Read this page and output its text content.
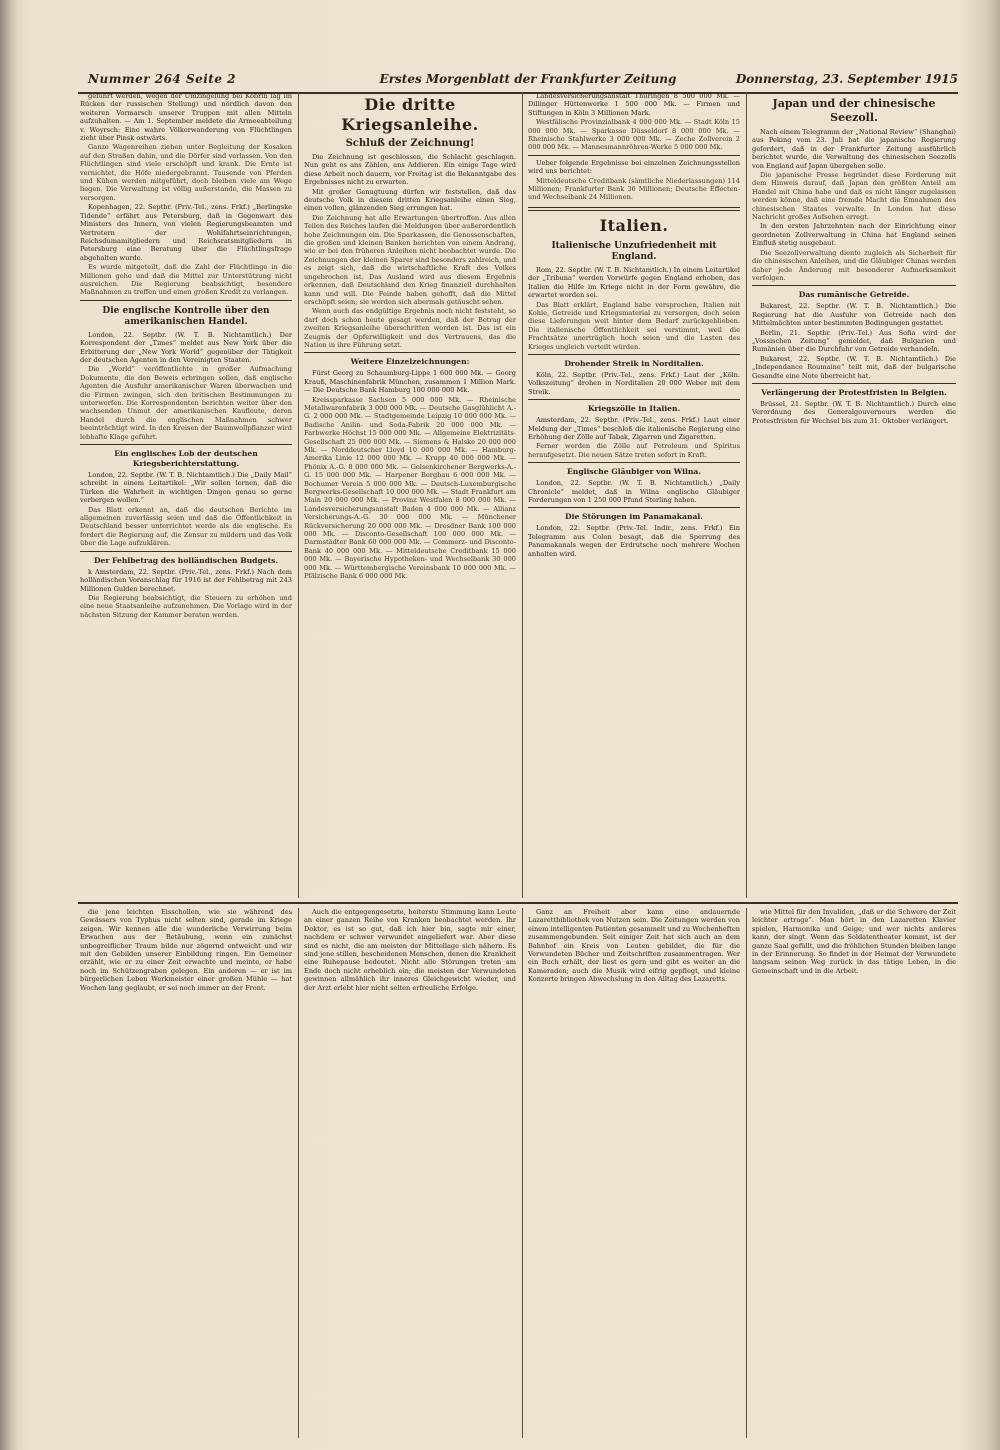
Nummer 264 Seite 2	Erstes Morgenblatt der Frankfurter Zeitung	Donnerstag, 23. September 1915

geführt werden, wegen der Umzingelung bei Kobrin lag im Rücken der russischen Stellung) und nördlich davon den weiteren Vormarsch unserer Truppen mit allen Mitteln aufzuhalten. — Am 1. September meldete die Armeeabteilung v. Woyrsch: Eine wahre Völkerwanderung von Flüchtlingen zieht über Pinsk ostwärts.

Ganze Wagenreihen ziehen unter Begleitung der Kosaken auf den Straßen dahin, und die Dörfer sind verlassen. Von den Flüchtlingen sind viele erschöpft und krank. Die Ernte ist vernichtet, die Höfe niedergebrannt. Tausende von Pferden und Kühen werden mitgeführt, doch bleiben viele am Wege liegen. Die Verwaltung ist völlig außerstande, die Massen zu versorgen.

Kopenhagen, 22. Septbr. (Priv.-Tel., zens. Frkf.) „Berlingske Tidende“ erfährt aus Petersburg, daß in Gegenwart des Ministers des Innern, von vielen Regierungsbeamten und Vertretern der Wohlfahrtseinrichtungen, Reichsdumamitgliedern und Reichsratsmitgliedern in Petersburg eine Beratung über die Flüchtlingsfrage abgehalten wurde.

Es wurde mitgeteilt, daß die Zahl der Flüchtlinge in die Millionen gehe und daß die Mittel zur Unterstützung nicht ausreichen. Die Regierung beabsichtigt, besondere Maßnahmen zu treffen und einen großen Kredit zu verlangen.

Die englische Kontrolle über den amerikanischen Handel.

London, 22. Septbr. (W. T. B. Nichtamtlich.) Der Korrespondent der „Times“ meldet aus New York über die Erbitterung der „New York World“ gegenüber der Tätigkeit der deutschen Agenten in den Vereinigten Staaten.

Die „World“ veröffentlichte in großer Aufmachung Dokumente, die den Beweis erbringen sollen, daß englische Agenten die Ausfuhr amerikanischer Waren überwachen und die Firmen zwingen, sich den britischen Bestimmungen zu unterwerfen. Die Korrespondenten berichten weiter über den wachsenden Unmut der amerikanischen Kaufleute, deren Handel durch die englischen Maßnahmen schwer beeinträchtigt wird. In den Kreisen der Baumwollpflanzer wird lebhafte Klage geführt.

Ein englisches Lob der deutschen Kriegsberichterstattung.

London, 22. Septbr. (W. T. B. Nichtamtlich.) Die „Daily Mail“ schreibt in einem Leitartikel: „Wir sollen lernen, daß die Türken die Wahrheit in wichtigen Dingen genau so gerne verbergen wollen.“

Das Blatt erkennt an, daß die deutschen Berichte im allgemeinen zuverlässig seien und daß die Öffentlichkeit in Deutschland besser unterrichtet werde als die englische. Es fordert die Regierung auf, die Zensur zu mildern und das Volk über die Lage aufzuklären.

Der Fehlbetrag des holländischen Budgets.

k Amsterdam, 22. Septbr. (Priv.-Tel., zens. Frkf.) Nach dem holländischen Voranschlag für 1916 ist der Fehlbetrag mit 243 Millionen Gulden berechnet.

Die Regierung beabsichtigt, die Steuern zu erhöhen und eine neue Staatsanleihe aufzunehmen. Die Vorlage wird in der nächsten Sitzung der Kammer beraten werden.

Die dritte Kriegsanleihe.
Schluß der Zeichnung!

Die Zeichnung ist geschlossen, die Schlacht geschlagen. Nun geht es ans Zählen, ans Addieren. Ein einige Tage wird diese Arbeit noch dauern, vor Freitag ist die Bekanntgabe des Ergebnisses nicht zu erwarten.

Mit großer Genugtuung dürfen wir feststellen, daß das deutsche Volk in diesem dritten Kriegsanleihe einen Sieg, einen vollen, glänzenden Sieg errungen hat.

Die Zeichnung hat alle Erwartungen übertroffen. Aus allen Teilen des Reiches laufen die Meldungen über außerordentlich hohe Zeichnungen ein. Die Sparkassen, die Genossenschaften, die großen und kleinen Banken berichten von einem Andrang, wie er bei den früheren Anleihen nicht beobachtet wurde. Die Zeichnungen der kleinen Sparer sind besonders zahlreich, und es zeigt sich, daß die wirtschaftliche Kraft des Volkes ungebrochen ist. Das Ausland wird aus diesem Ergebnis erkennen, daß Deutschland den Krieg finanziell durchhalten kann und will. Die Feinde haben gehofft, daß die Mittel erschöpft seien; sie werden sich abermals getäuscht sehen.

Wenn auch das endgültige Ergebnis noch nicht feststeht, so darf doch schon heute gesagt werden, daß der Betrag der zweiten Kriegsanleihe überschritten worden ist. Das ist ein Zeugnis der Opferwilligkeit und des Vertrauens, das die Nation in ihre Führung setzt.

Weitere Einzelzeichnungen:

Fürst Georg zu Schaumburg-Lippe 1 600 000 Mk. — Georg Krauß, Maschinenfabrik München, zusammen 1 Million Mark. — Die Deutsche Bank Hamburg 100 000 000 Mk.

Kreissparkasse Sachsen 5 000 000 Mk. — Rheinische Metallwarenfabrik 3 000 000 Mk. — Deutsche Gasglühlicht A.-G. 2 000 000 Mk. — Stadtgemeinde Leipzig 10 000 000 Mk. — Badische Anilin- und Soda-Fabrik 20 000 000 Mk. — Farbwerke Höchst 15 000 000 Mk. — Allgemeine Elektrizitäts-Gesellschaft 25 000 000 Mk. — Siemens & Halske 20 000 000 Mk. — Norddeutscher Lloyd 10 000 000 Mk. — Hamburg-Amerika Linie 12 000 000 Mk. — Krupp 40 000 000 Mk. — Phönix A.-G. 8 000 000 Mk. — Gelsenkirchener Bergwerks-A.-G. 15 000 000 Mk. — Harpener Bergbau 6 000 000 Mk. — Bochumer Verein 5 000 000 Mk. — Deutsch-Luxemburgische Bergwerks-Gesellschaft 10 000 000 Mk. — Stadt Frankfurt am Main 20 000 000 Mk. — Provinz Westfalen 8 000 000 Mk. — Landesversicherungsanstalt Baden 4 000 000 Mk. — Allianz Versicherungs-A.-G. 30 000 000 Mk. — Münchener Rückversicherung 20 000 000 Mk. — Dresdner Bank 100 000 000 Mk. — Disconto-Gesellschaft 100 000 000 Mk. — Darmstädter Bank 60 000 000 Mk. — Commerz- und Disconto-Bank 40 000 000 Mk. — Mitteldeutsche Creditbank 15 000 000 Mk. — Bayerische Hypotheken- und Wechselbank 30 000 000 Mk. — Württembergische Vereinsbank 10 000 000 Mk. — Pfälzische Bank 6 000 000 Mk.

Landesversicherungsanstalt Thüringen 8 500 000 Mk. — Dillinger Hüttenwerke 1 500 000 Mk. — Firmen und Stiftungen in Köln 3 Millionen Mark.

Westfälische Provinzialbank 4 000 000 Mk. — Stadt Köln 15 000 000 Mk. — Sparkasse Düsseldorf 8 000 000 Mk. — Rheinische Stahlwerke 3 000 000 Mk. — Zeche Zollverein 2 000 000 Mk. — Mannesmannröhren-Werke 5 000 000 Mk.

Ueber folgende Ergebnisse bei einzelnen Zeichnungsstellen wird uns berichtet:

Mitteldeutsche Creditbank (sämtliche Niederlassungen) 114 Millionen; Frankfurter Bank 36 Millionen; Deutsche Effecten- und Wechselbank 24 Millionen.

Italien.
Italienische Unzufriedenheit mit England.

Rom, 22. Septbr. (W. T. B. Nichtamtlich.) In einem Leitartikel der „Tribuna“ werden Vorwürfe gegen England erhoben, das Italien die Hilfe im Kriege nicht in der Form gewähre, die erwartet worden sei.

Das Blatt erklärt, England habe versprochen, Italien mit Kohle, Getreide und Kriegsmaterial zu versorgen, doch seien diese Lieferungen weit hinter dem Bedarf zurückgeblieben. Die italienische Öffentlichkeit sei verstimmt, weil die Frachtsätze unerträglich hoch seien und die Lasten des Krieges ungleich verteilt würden.

Drohender Streik in Norditalien.

Köln, 22. Septbr. (Priv.-Tel., zens. Frkf.) Laut der „Köln. Volkszeitung“ drohen in Norditalien 20 000 Weber mit dem Streik.

Kriegszölle in Italien.

Amsterdam, 22. Septbr. (Priv.-Tel., zens. Frkf.) Laut einer Meldung der „Times“ beschloß die italienische Regierung eine Erhöhung der Zölle auf Tabak, Zigarren und Zigaretten.

Ferner werden die Zölle auf Petroleum und Spiritus heraufgesetzt. Die neuen Sätze treten sofort in Kraft.

Englische Gläubiger von Wilna.

London, 22. Septbr. (W. T. B. Nichtamtlich.) „Daily Chronicle“ meldet, daß in Wilna englische Gläubiger Forderungen von 1 250 000 Pfund Sterling haben.

Die Störungen im Panamakanal.

London, 22. Septbr. (Priv.-Tel. Indir., zens. Frkf.) Ein Telegramm aus Colon besagt, daß die Sperrung des Panamakanals wegen der Erdrutsche noch mehrere Wochen anhalten wird.

Japan und der chinesische Seezoll.

Nach einem Telegramm der „National Review“ (Shanghai) aus Peking vom 23. Juli hat die japanische Regierung gefordert, daß in der Frankfurter Zeitung ausführlich berichtet wurde, die Verwaltung des chinesischen Seezolls von England auf Japan übergehen solle.

Die japanische Presse begründet diese Forderung mit dem Hinweis darauf, daß Japan den größten Anteil am Handel mit China habe und daß es nicht länger zugelassen werden könne, daß eine fremde Macht die Einnahmen des chinesischen Staates verwalte. In London hat diese Nachricht großes Aufsehen erregt.

In den ersten Jahrzehnten nach der Einrichtung einer geordneten Zollverwaltung in China hat England seinen Einfluß stetig ausgebaut.

Die Seezollverwaltung diente zugleich als Sicherheit für die chinesischen Anleihen, und die Gläubiger Chinas werden daher jede Änderung mit besonderer Aufmerksamkeit verfolgen.

Das rumänische Getreide.

Bukarest, 22. Septbr. (W. T. B. Nichtamtlich.) Die Regierung hat die Ausfuhr von Getreide nach den Mittelmächten unter bestimmten Bedingungen gestattet.

Berlin, 21. Septbr. (Priv.-Tel.) Aus Sofia wird der „Vossischen Zeitung“ gemeldet, daß Bulgarien und Rumänien über die Durchfuhr von Getreide verhandeln.

Bukarest, 22. Septbr. (W. T. B. Nichtamtlich.) Die „Independance Roumaine“ teilt mit, daß der bulgarische Gesandte eine Note überreicht hat.

Verlängerung der Protestfristen in Belgien.

Brüssel, 21. Septbr. (W. T. B. Nichtamtlich.) Durch eine Verordnung des Generalgouverneurs werden die Protestfristen für Wechsel bis zum 31. Oktober verlängert.

die jene leichten Eisschollen, wie sie während des Gewässers von Typhus nicht selten sind, gerade im Kriege zeigen. Wir kennen alle die wunderliche Verwirrung beim Erwachen aus der Betäubung, wenn ein zunächst unbegreiflicher Traum bilde nur zögernd entweicht und wir mit den Gebilden unserer Einbildung ringen. Ein Gemeiner erzählt, wie er zu einer Zeit erwachte und meinte, er habe noch im Schützengraben gelegen. Ein anderen — er ist im bürgerlichen Leben Werkmeister einer großen Mühle — hat Wochen lang geglaubt, er sei noch immer an der Front.

Auch die entgegengesetzte, heiterste Stimmung kann Leute an einer ganzen Reihe von Kranken beobachtet werden. Ihr Doktor, es ist so gut, daß ich hier bin, sagte mir einer, nachdem er schwer verwundet eingeliefert war. Aber diese sind es nicht, die am meisten der Mittellage sich nähern. Es sind jene stillen, bescheidenen Menschen, denen die Krankheit eine Ruhepause bedeutet. Nicht alle Störungen treten am Ende doch nicht erheblich ein; die meisten der Verwundeten gewinnen allmählich ihr inneres Gleichgewicht wieder, und der Arzt erlebt hier nicht selten erfreuliche Erfolge.

Ganz an Freiheit aber kann eine andauernde Lazarettbibliothek von Nutzen sein. Die Zeitungen werden von einem intelligenten Patienten gesammelt und zu Wochenheften zusammengebunden. Seit einiger Zeit hat sich auch an dem Bahnhof ein Kreis von Leuten gebildet, die für die Verwundeten Bücher und Zeitschriften zusammentragen. Wer ein Buch erhält, der liest es gern und gibt es weiter an die Kameraden; auch die Musik wird eifrig gepflegt, und kleine Konzerte bringen Abwechslung in den Alltag des Lazaretts.

wie Mittel für den Invaliden, „daß er die Schwere der Zeit leichter ertrage“. Man hört in den Lazaretten Klavier spielen, Harmonika und Geige; und wer nichts anderes kann, der singt. Wenn das Soldatentheater kommt, ist der ganze Saal gefüllt, und die fröhlichen Stunden bleiben lange in der Erinnerung. So findet in der Heimat der Verwundete langsam seinen Weg zurück in das tätige Leben, in die Gemeinschaft und in die Arbeit.
